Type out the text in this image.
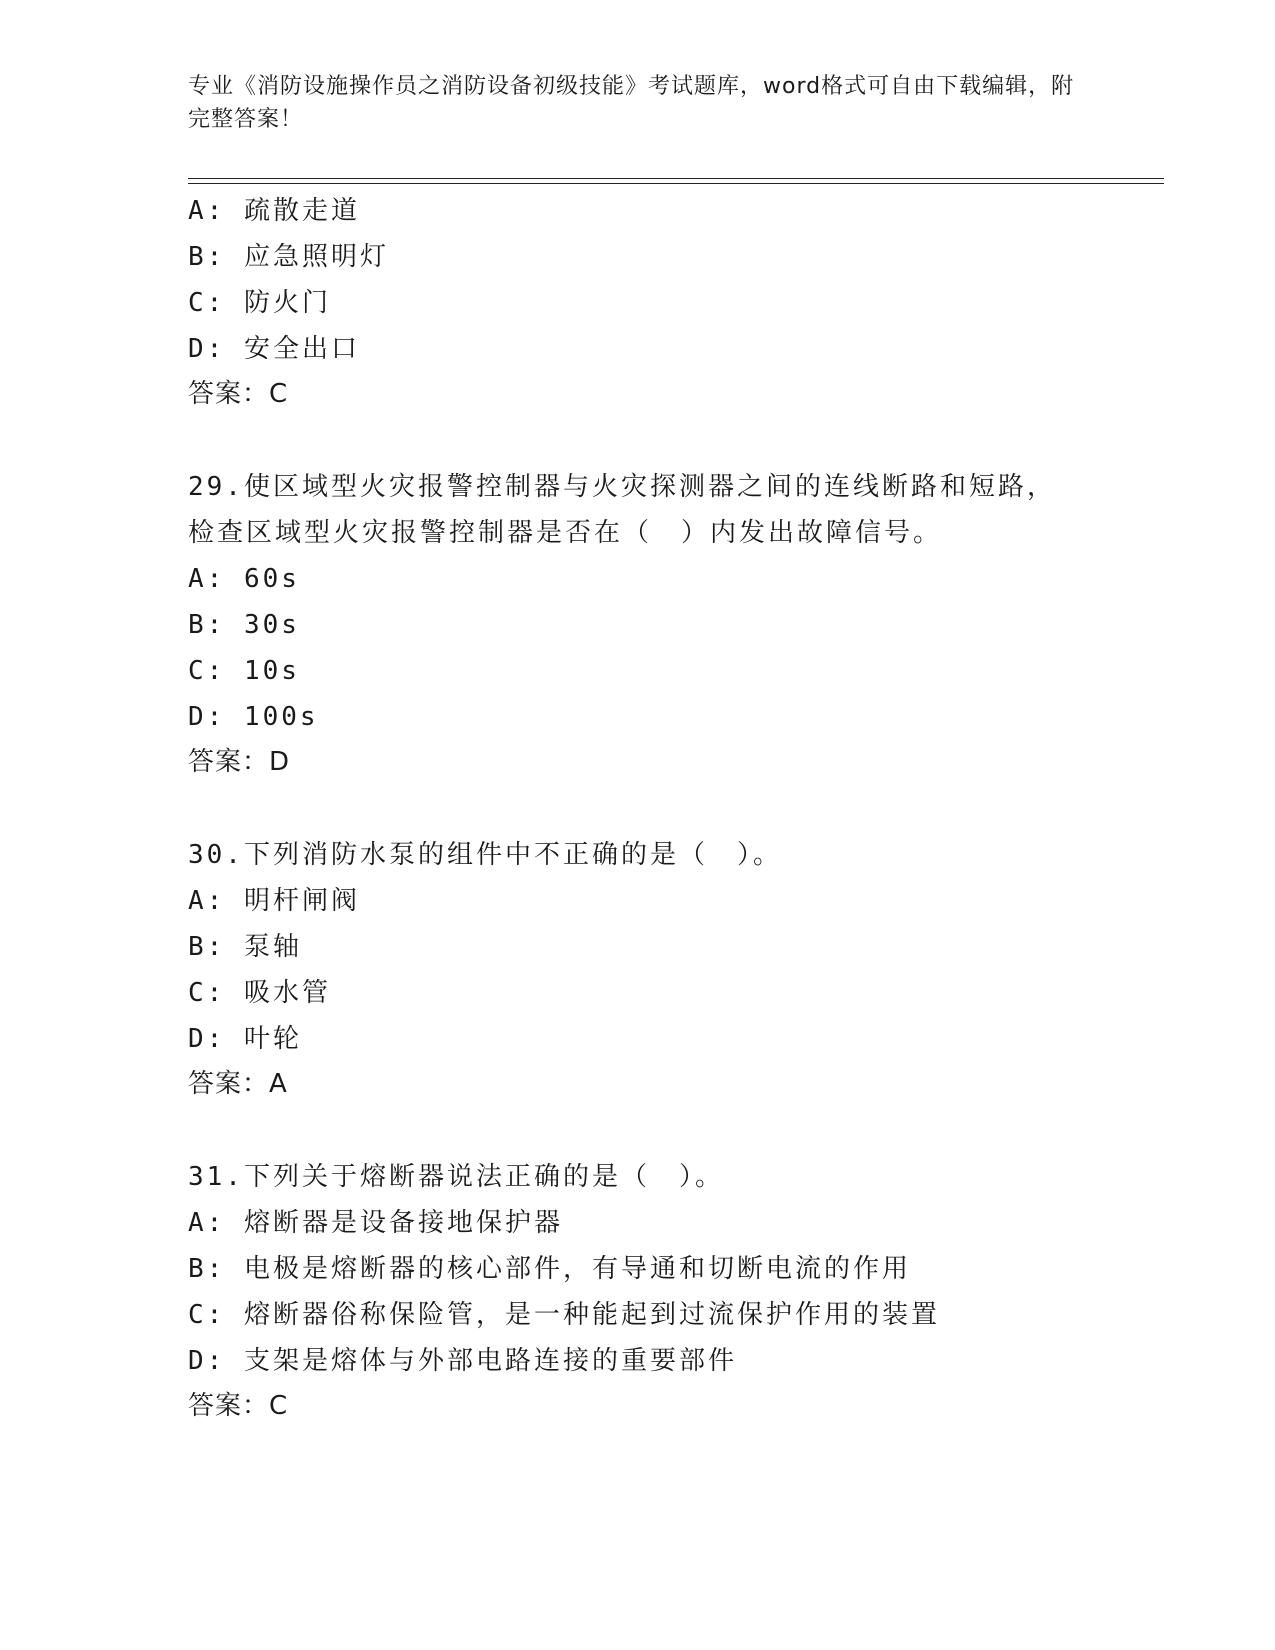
专业《消防设施操作员之消防设备初级技能》考试题库，word格式可自由下载编辑，附完整答案！
A: 疏散走道
B: 应急照明灯
C: 防火门
D: 安全出口
答案：C
29.使区域型火灾报警控制器与火灾探测器之间的连线断路和短路，检查区域型火灾报警控制器是否在（　）内发出故障信号。
A: 60s
B: 30s
C: 10s
D: 100s
答案：D
30.下列消防水泵的组件中不正确的是（　）。
A: 明杆闸阀
B: 泵轴
C: 吸水管
D: 叶轮
答案：A
31.下列关于熔断器说法正确的是（　）。
A: 熔断器是设备接地保护器
B: 电极是熔断器的核心部件，有导通和切断电流的作用
C: 熔断器俗称保险管，是一种能起到过流保护作用的装置
D: 支架是熔体与外部电路连接的重要部件
答案：C
